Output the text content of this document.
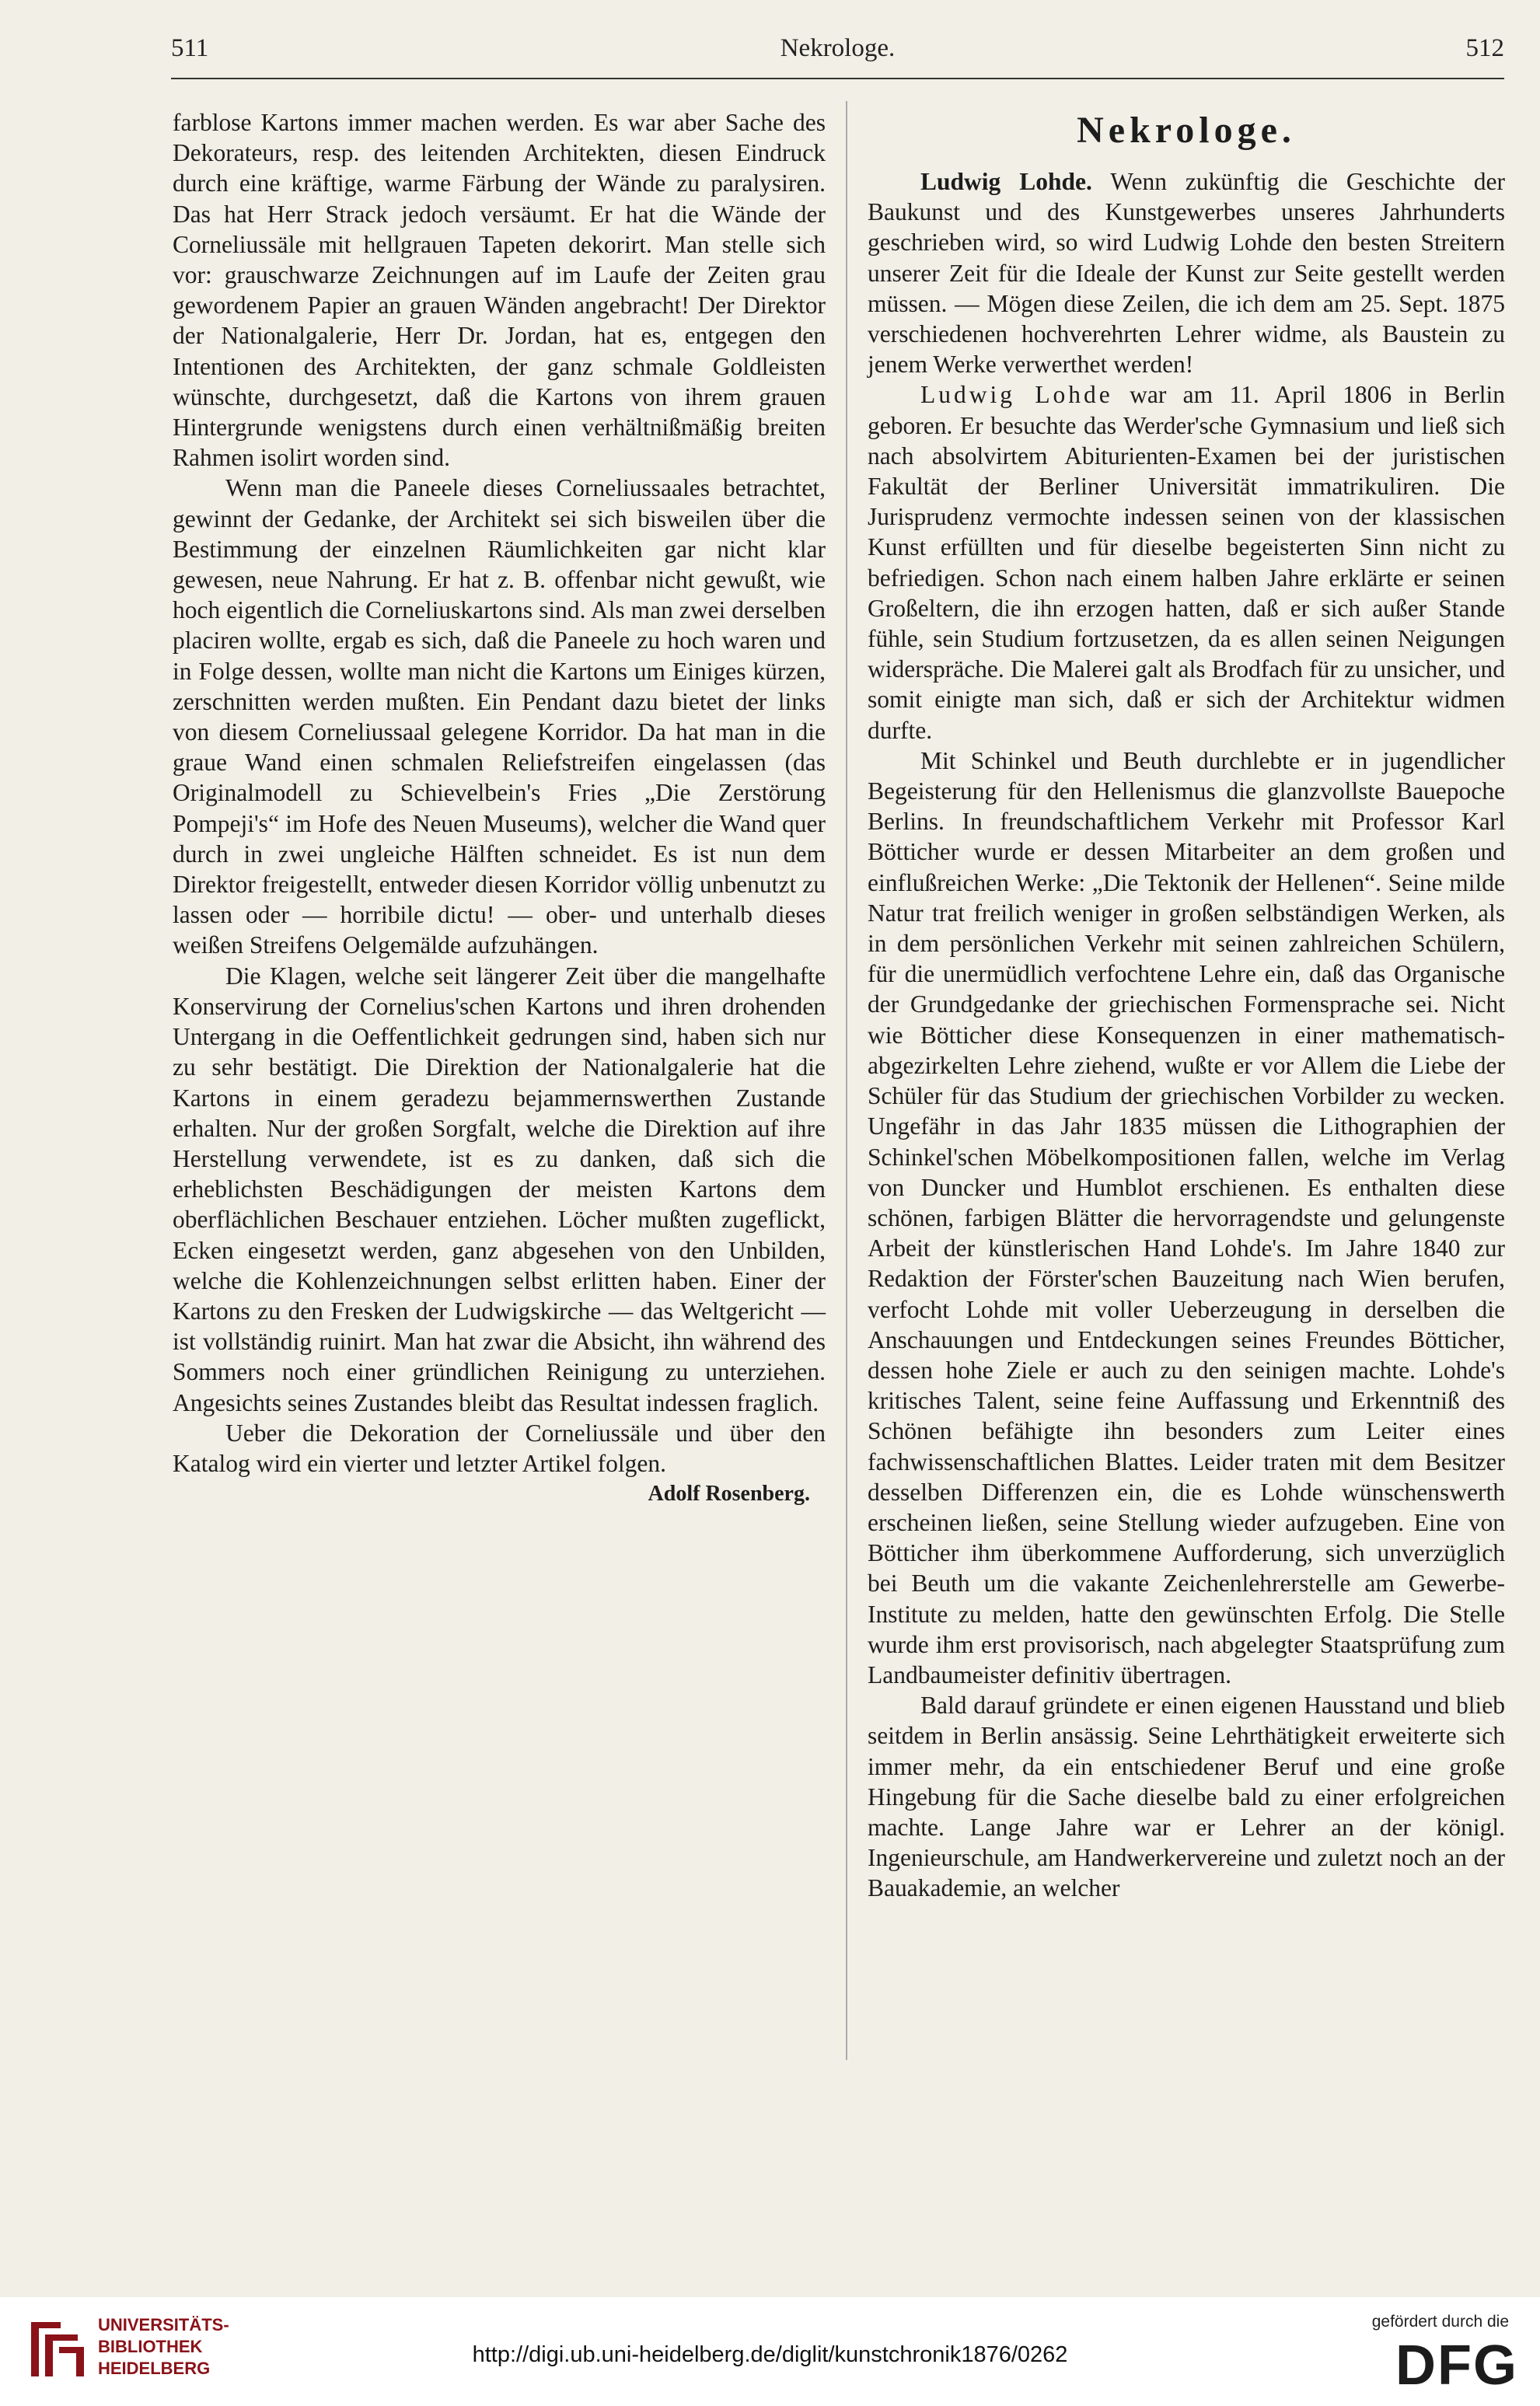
511	Nekrologe.	512

farblose Kartons immer machen werden. Es war aber Sache des Dekorateurs, resp. des leitenden Architekten, diesen Eindruck durch eine kräftige, warme Färbung der Wände zu paralysiren. Das hat Herr Strack jedoch versäumt. Er hat die Wände der Corneliussäle mit hellgrauen Tapeten dekorirt. Man stelle sich vor: grauschwarze Zeichnungen auf im Laufe der Zeiten grau gewordenem Papier an grauen Wänden angebracht! Der Direktor der Nationalgalerie, Herr Dr. Jordan, hat es, entgegen den Intentionen des Architekten, der ganz schmale Goldleisten wünschte, durchgesetzt, daß die Kartons von ihrem grauen Hintergrunde wenigstens durch einen verhältnißmäßig breiten Rahmen isolirt worden sind.

Wenn man die Paneele dieses Corneliussaales betrachtet, gewinnt der Gedanke, der Architekt sei sich bisweilen über die Bestimmung der einzelnen Räumlichkeiten gar nicht klar gewesen, neue Nahrung. Er hat z. B. offenbar nicht gewußt, wie hoch eigentlich die Corneliuskartons sind. Als man zwei derselben placiren wollte, ergab es sich, daß die Paneele zu hoch waren und in Folge dessen, wollte man nicht die Kartons um Einiges kürzen, zerschnitten werden mußten. Ein Pendant dazu bietet der links von diesem Corneliussaal gelegene Korridor. Da hat man in die graue Wand einen schmalen Reliefstreifen eingelassen (das Originalmodell zu Schievelbein's Fries „Die Zerstörung Pompeji's“ im Hofe des Neuen Museums), welcher die Wand quer durch in zwei ungleiche Hälften schneidet. Es ist nun dem Direktor freigestellt, entweder diesen Korridor völlig unbenutzt zu lassen oder — horribile dictu! — ober- und unterhalb dieses weißen Streifens Oelgemälde aufzuhängen.

Die Klagen, welche seit längerer Zeit über die mangelhafte Konservirung der Cornelius'schen Kartons und ihren drohenden Untergang in die Oeffentlichkeit gedrungen sind, haben sich nur zu sehr bestätigt. Die Direktion der Nationalgalerie hat die Kartons in einem geradezu bejammernswerthen Zustande erhalten. Nur der großen Sorgfalt, welche die Direktion auf ihre Herstellung verwendete, ist es zu danken, daß sich die erheblichsten Beschädigungen der meisten Kartons dem oberflächlichen Beschauer entziehen. Löcher mußten zugeflickt, Ecken eingesetzt werden, ganz abgesehen von den Unbilden, welche die Kohlenzeichnungen selbst erlitten haben. Einer der Kartons zu den Fresken der Ludwigskirche — das Weltgericht — ist vollständig ruinirt. Man hat zwar die Absicht, ihn während des Sommers noch einer gründlichen Reinigung zu unterziehen. Angesichts seines Zustandes bleibt das Resultat indessen fraglich.

Ueber die Dekoration der Corneliussäle und über den Katalog wird ein vierter und letzter Artikel folgen.

Adolf Rosenberg.
Nekrologe.

Ludwig Lohde. Wenn zukünftig die Geschichte der Baukunst und des Kunstgewerbes unseres Jahrhunderts geschrieben wird, so wird Ludwig Lohde den besten Streitern unserer Zeit für die Ideale der Kunst zur Seite gestellt werden müssen. — Mögen diese Zeilen, die ich dem am 25. Sept. 1875 verschiedenen hochverehrten Lehrer widme, als Baustein zu jenem Werke verwerthet werden!

Ludwig Lohde war am 11. April 1806 in Berlin geboren. Er besuchte das Werder'sche Gymnasium und ließ sich nach absolvirtem Abiturienten-Examen bei der juristischen Fakultät der Berliner Universität immatrikuliren. Die Jurisprudenz vermochte indessen seinen von der klassischen Kunst erfüllten und für dieselbe begeisterten Sinn nicht zu befriedigen. Schon nach einem halben Jahre erklärte er seinen Großeltern, die ihn erzogen hatten, daß er sich außer Stande fühle, sein Studium fortzusetzen, da es allen seinen Neigungen widerspräche. Die Malerei galt als Brodfach für zu unsicher, und somit einigte man sich, daß er sich der Architektur widmen durfte.

Mit Schinkel und Beuth durchlebte er in jugendlicher Begeisterung für den Hellenismus die glanzvollste Bauepoche Berlins. In freundschaftlichem Verkehr mit Professor Karl Bötticher wurde er dessen Mitarbeiter an dem großen und einflußreichen Werke: „Die Tektonik der Hellenen“. Seine milde Natur trat freilich weniger in großen selbständigen Werken, als in dem persönlichen Verkehr mit seinen zahlreichen Schülern, für die unermüdlich verfochtene Lehre ein, daß das Organische der Grundgedanke der griechischen Formensprache sei. Nicht wie Bötticher diese Konsequenzen in einer mathematisch-abgezirkelten Lehre ziehend, wußte er vor Allem die Liebe der Schüler für das Studium der griechischen Vorbilder zu wecken. Ungefähr in das Jahr 1835 müssen die Lithographien der Schinkel'schen Möbelkompositionen fallen, welche im Verlag von Duncker und Humblot erschienen. Es enthalten diese schönen, farbigen Blätter die hervorragendste und gelungenste Arbeit der künstlerischen Hand Lohde's. Im Jahre 1840 zur Redaktion der Förster'schen Bauzeitung nach Wien berufen, verfocht Lohde mit voller Ueberzeugung in derselben die Anschauungen und Entdeckungen seines Freundes Bötticher, dessen hohe Ziele er auch zu den seinigen machte. Lohde's kritisches Talent, seine feine Auffassung und Erkenntniß des Schönen befähigte ihn besonders zum Leiter eines fachwissenschaftlichen Blattes. Leider traten mit dem Besitzer desselben Differenzen ein, die es Lohde wünschenswerth erscheinen ließen, seine Stellung wieder aufzugeben. Eine von Bötticher ihm überkommene Aufforderung, sich unverzüglich bei Beuth um die vakante Zeichenlehrerstelle am Gewerbe-Institute zu melden, hatte den gewünschten Erfolg. Die Stelle wurde ihm erst provisorisch, nach abgelegter Staatsprüfung zum Landbaumeister definitiv übertragen.

Bald darauf gründete er einen eigenen Hausstand und blieb seitdem in Berlin ansässig. Seine Lehrthätigkeit erweiterte sich immer mehr, da ein entschiedener Beruf und eine große Hingebung für die Sache dieselbe bald zu einer erfolgreichen machte. Lange Jahre war er Lehrer an der königl. Ingenieurschule, am Handwerkervereine und zuletzt noch an der Bauakademie, an welcher

UNIVERSITÄTS-
BIBLIOTHEK
HEIDELBERG
http://digi.ub.uni-heidelberg.de/diglit/kunstchronik1876/0262
gefördert durch die
DFG
